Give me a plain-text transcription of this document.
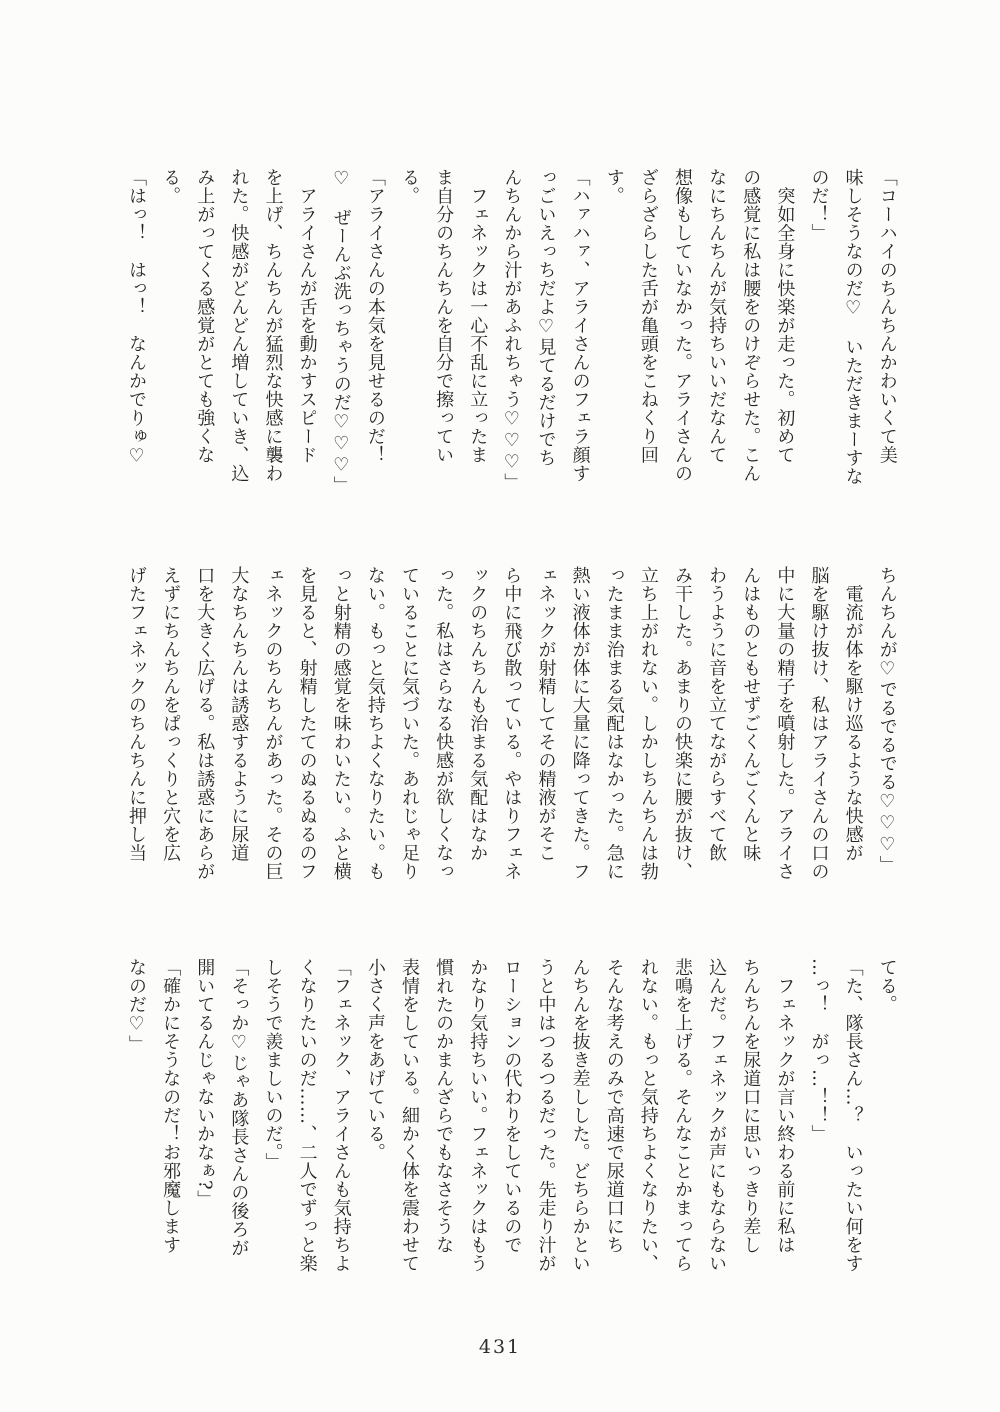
「コーハイのちんちんかわいくて美
味しそうなのだ♡　いただきまーすな
のだ！」
　突如全身に快楽が走った。初めて
の感覚に私は腰をのけぞらせた。こん
なにちんちんが気持ちいいだなんて
想像もしていなかった。アライさんの
ざらざらした舌が亀頭をこねくり回
す。
「ハァハァ、アライさんのフェラ顔す
っごいえっちだよ♡見てるだけでち
んちんから汁があふれちゃう♡♡♡」
　フェネックは一心不乱に立ったま
ま自分のちんちんを自分で擦ってい
る。
「アライさんの本気を見せるのだ！
♡　ぜーんぶ洗っちゃうのだ♡♡♡」
　アライさんが舌を動かすスピード
を上げ、ちんちんが猛烈な快感に襲わ
れた。快感がどんどん増していき、込
み上がってくる感覚がとても強くな
る。
「はっ！　はっ！　なんかでりゅ♡
ちんちんが♡でるでるでる♡♡♡」
　電流が体を駆け巡るような快感が
脳を駆け抜け、私はアライさんの口の
中に大量の精子を噴射した。アライさ
んはものともせずごくんごくんと味
わうように音を立てながらすべて飲
み干した。あまりの快楽に腰が抜け、
立ち上がれない。しかしちんちんは勃
ったまま治まる気配はなかった。急に
熱い液体が体に大量に降ってきた。フ
ェネックが射精してその精液がそこ
ら中に飛び散っている。やはりフェネ
ックのちんちんも治まる気配はなか
った。私はさらなる快感が欲しくなっ
ていることに気づいた。あれじゃ足り
ない。もっと気持ちよくなりたい。も
っと射精の感覚を味わいたい。ふと横
を見ると、射精したてのぬるぬるのフ
ェネックのちんちんがあった。その巨
大なちんちんは誘惑するように尿道
口を大きく広げる。私は誘惑にあらが
えずにちんちんをぱっくりと穴を広
げたフェネックのちんちんに押し当
てる。
「た、隊長さん…？　いったい何をす
…っ！　がっ…！！」
　フェネックが言い終わる前に私は
ちんちんを尿道口に思いっきり差し
込んだ。フェネックが声にもならない
悲鳴を上げる。そんなことかまってら
れない。もっと気持ちよくなりたい、
そんな考えのみで高速で尿道口にち
んちんを抜き差しした。どちらかとい
うと中はつるつるだった。先走り汁が
ローションの代わりをしているので
かなり気持ちいい。フェネックはもう
慣れたのかまんざらでもなさそうな
表情をしている。細かく体を震わせて
小さく声をあげている。
「フェネック、アライさんも気持ちよ
くなりたいのだ……、二人でずっと楽
しそうで羨ましいのだ。」
「そっか♡じゃあ隊長さんの後ろが
開いてるんじゃないかなぁ?」
「確かにそうなのだ！お邪魔します
なのだ♡」
431
